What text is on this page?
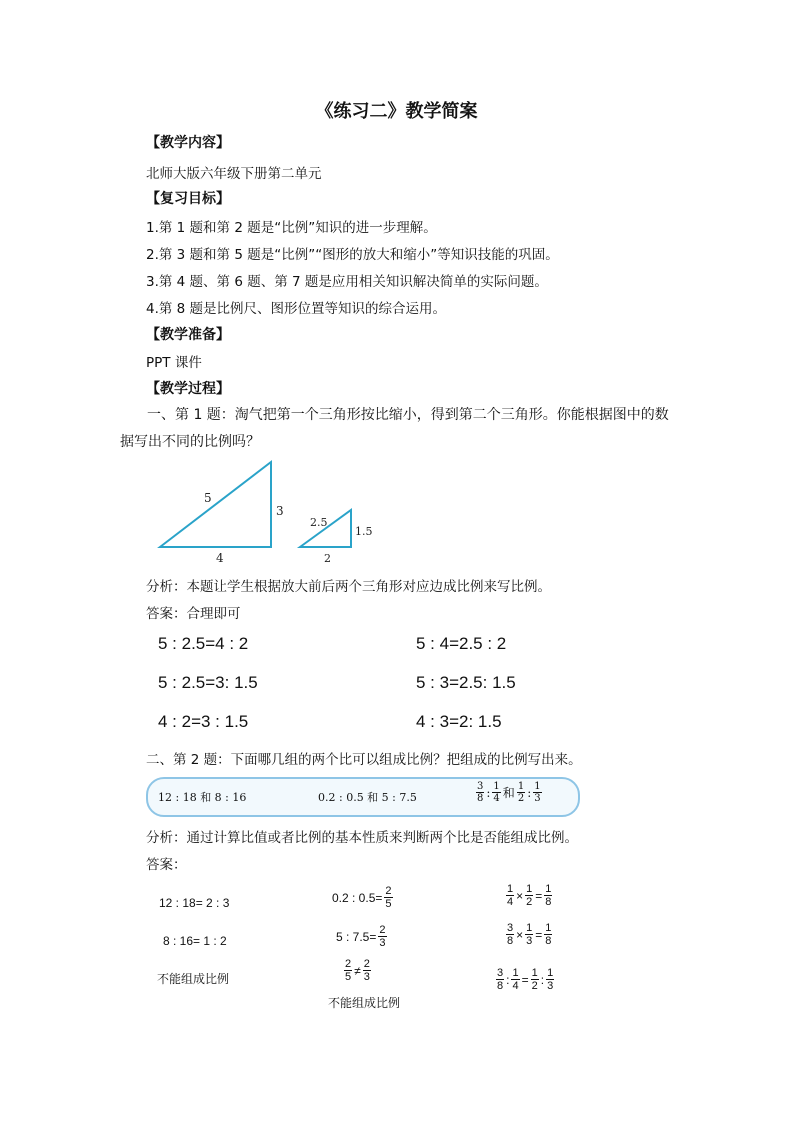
《练习二》教学简案
【教学内容】
北师大版六年级下册第二单元
【复习目标】
1.第 1 题和第 2 题是“比例”知识的进一步理解。
2.第 3 题和第 5 题是“比例”“图形的放大和缩小”等知识技能的巩固。
3.第 4 题、第 6 题、第 7 题是应用相关知识解决简单的实际问题。
4.第 8 题是比例尺、图形位置等知识的综合运用。
【教学准备】
PPT 课件
【教学过程】
一、第 1 题：淘气把第一个三角形按比缩小，得到第二个三角形。你能根据图中的数据写出不同的比例吗？
5
3
4
2.5
1.5
2
分析：本题让学生根据放大前后两个三角形对应边成比例来写比例。
答案：合理即可
5 : 2.5=4 : 2	5 : 4=2.5 : 2
5 : 2.5=3: 1.5	5 : 3=2.5: 1.5
4 : 2=3 : 1.5	4 : 3=2: 1.5
二、第 2 题：下面哪几组的两个比可以组成比例？把组成的比例写出来。
12 : 18 和 8 : 16	0.2 : 0.5 和 5 : 7.5	$\frac{3}{8}$ : $\frac{1}{4}$ 和 $\frac{1}{2}$ : $\frac{1}{3}$
分析：通过计算比值或者比例的基本性质来判断两个比是否能组成比例。
答案：
12 : 18= 2 : 3
8 : 16= 1 : 2
不能组成比例
0.2 : $0.5= \frac{2}{5}$
5 : $7.5= \frac{2}{3}$
$\frac{2}{5} \ne \frac{2}{3}$
不能组成比例
$\frac{1}{4} \times \frac{1}{2} = \frac{1}{8}$
$\frac{3}{8} \times \frac{1}{3} = \frac{1}{8}$
$\frac{3}{8}$ : $\frac{1}{4} = \frac{1}{2}$ : $\frac{1}{3}$
